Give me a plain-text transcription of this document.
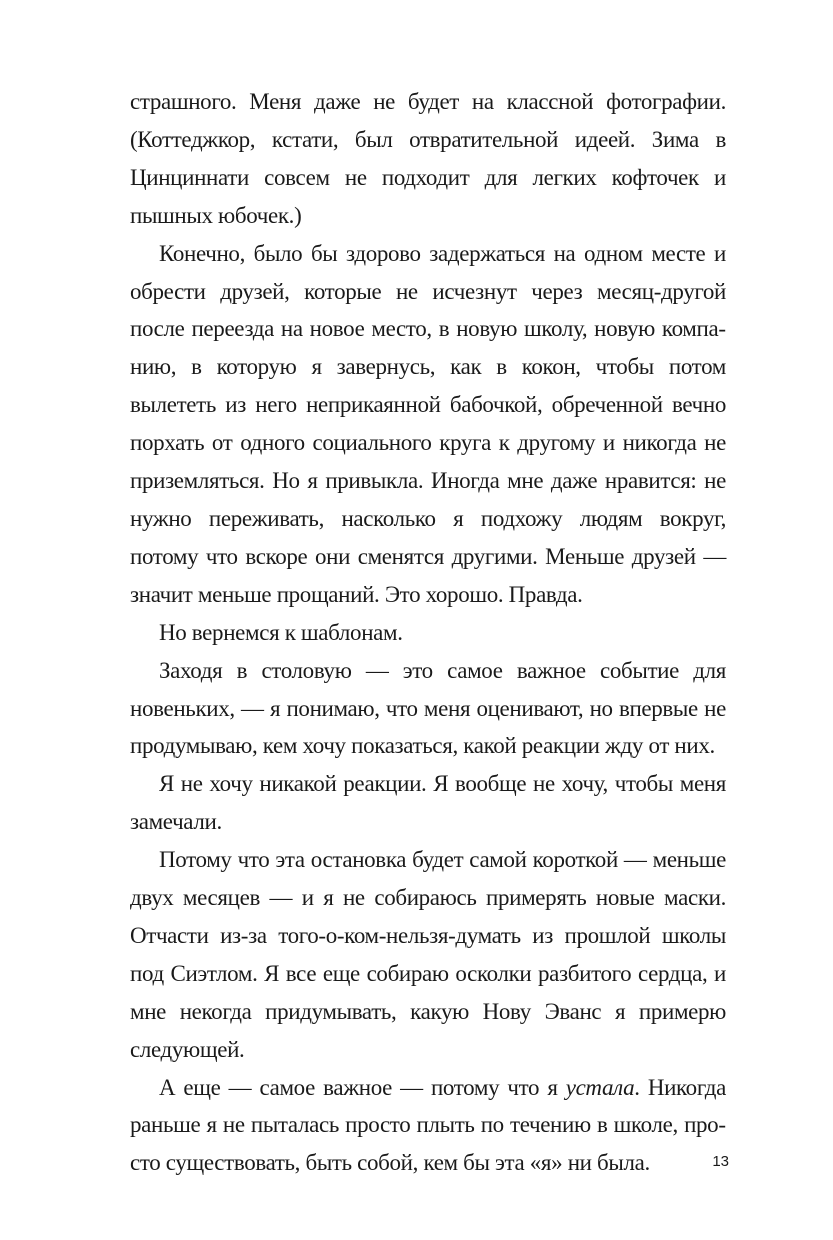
страшного. Меня даже не будет на классной фотографии. (Коттеджкор, кстати, был отвратительной идеей. Зима в Цинциннати совсем не подходит для легких кофточек и пышных юбочек.)

Конечно, было бы здорово задержаться на одном месте и обрести друзей, которые не исчезнут через месяц-другой после переезда на новое место, в новую школу, новую компанию, в которую я завернусь, как в кокон, чтобы потом вылететь из него неприкаянной бабочкой, обреченной вечно порхать от одного социального круга к другому и никогда не приземляться. Но я привыкла. Иногда мне даже нравится: не нужно переживать, насколько я подхожу людям вокруг, потому что вскоре они сменятся другими. Меньше друзей — значит меньше прощаний. Это хорошо. Правда.

Но вернемся к шаблонам.

Заходя в столовую — это самое важное событие для новеньких, — я понимаю, что меня оценивают, но впервые не продумываю, кем хочу показаться, какой реакции жду от них.

Я не хочу никакой реакции. Я вообще не хочу, чтобы меня замечали.

Потому что эта остановка будет самой короткой — меньше двух месяцев — и я не собираюсь примерять новые маски. Отчасти из-за того-о-ком-нельзя-думать из прошлой школы под Сиэтлом. Я все еще собираю осколки разбитого сердца, и мне некогда придумывать, какую Нову Эванс я примерю следующей.

А еще — самое важное — потому что я устала. Никогда раньше я не пыталась просто плыть по течению в школе, просто существовать, быть собой, кем бы эта «я» ни была.	13
